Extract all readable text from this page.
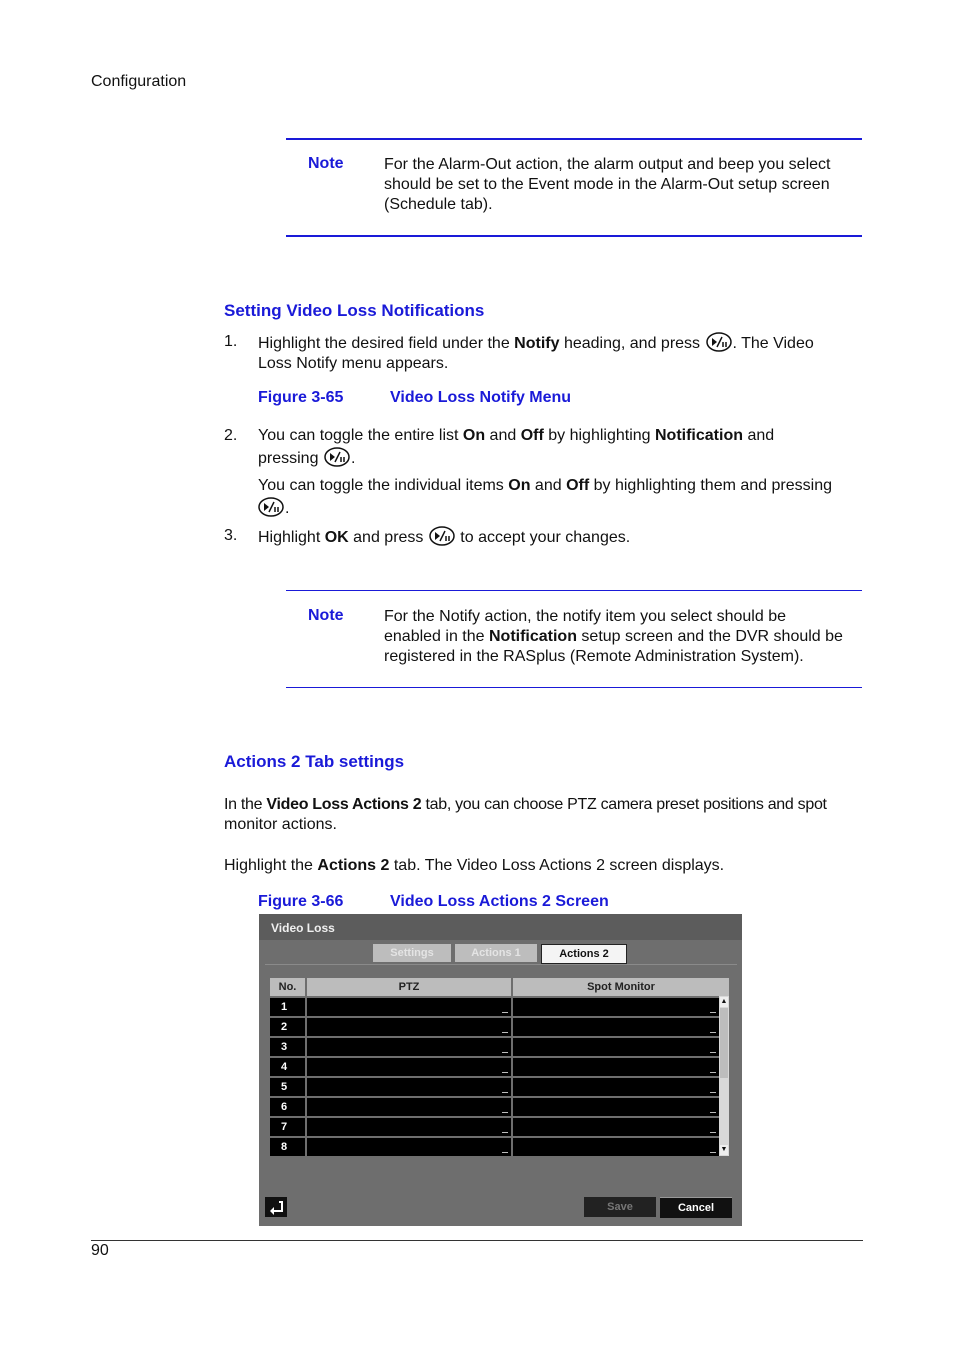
Configuration
Note	For the Alarm-Out action, the alarm output and beep you select
should be set to the Event mode in the Alarm-Out setup screen
(Schedule tab).
Setting Video Loss Notifications
1. Highlight the desired field under the Notify heading, and press . The Video
Loss Notify menu appears.
Figure 3-65	Video Loss Notify Menu
2. You can toggle the entire list On and Off by highlighting Notification and
pressing .
You can toggle the individual items On and Off by highlighting them and pressing
.
3. Highlight OK and press  to accept your changes.
Note	For the Notify action, the notify item you select should be
enabled in the Notification setup screen and the DVR should be
registered in the RASplus (Remote Administration System).
Actions 2 Tab settings
In the Video Loss Actions 2 tab, you can choose PTZ camera preset positions and spot
monitor actions.
Highlight the Actions 2 tab. The Video Loss Actions 2 screen displays.
Figure 3-66	Video Loss Actions 2 Screen
Video Loss
Settings	Actions 1	Actions 2
No.	PTZ	Spot Monitor
1
2
3
4
5
6
7
8
▲
▼
Save	Cancel
90
